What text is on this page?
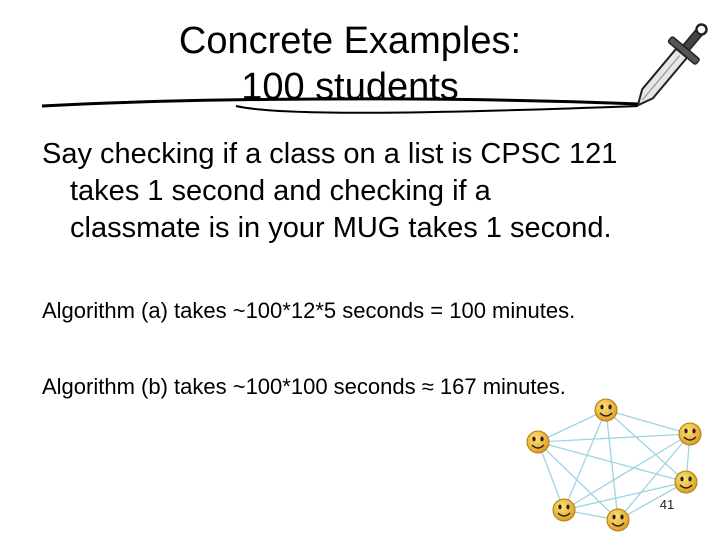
Concrete Examples:
100 students
Say checking if a class on a list is CPSC 121
takes 1 second and checking if a
classmate is in your MUG takes 1 second.
Algorithm (a) takes ~100*12*5 seconds = 100 minutes.
Algorithm (b) takes ~100*100 seconds ≈ 167 minutes.
41
